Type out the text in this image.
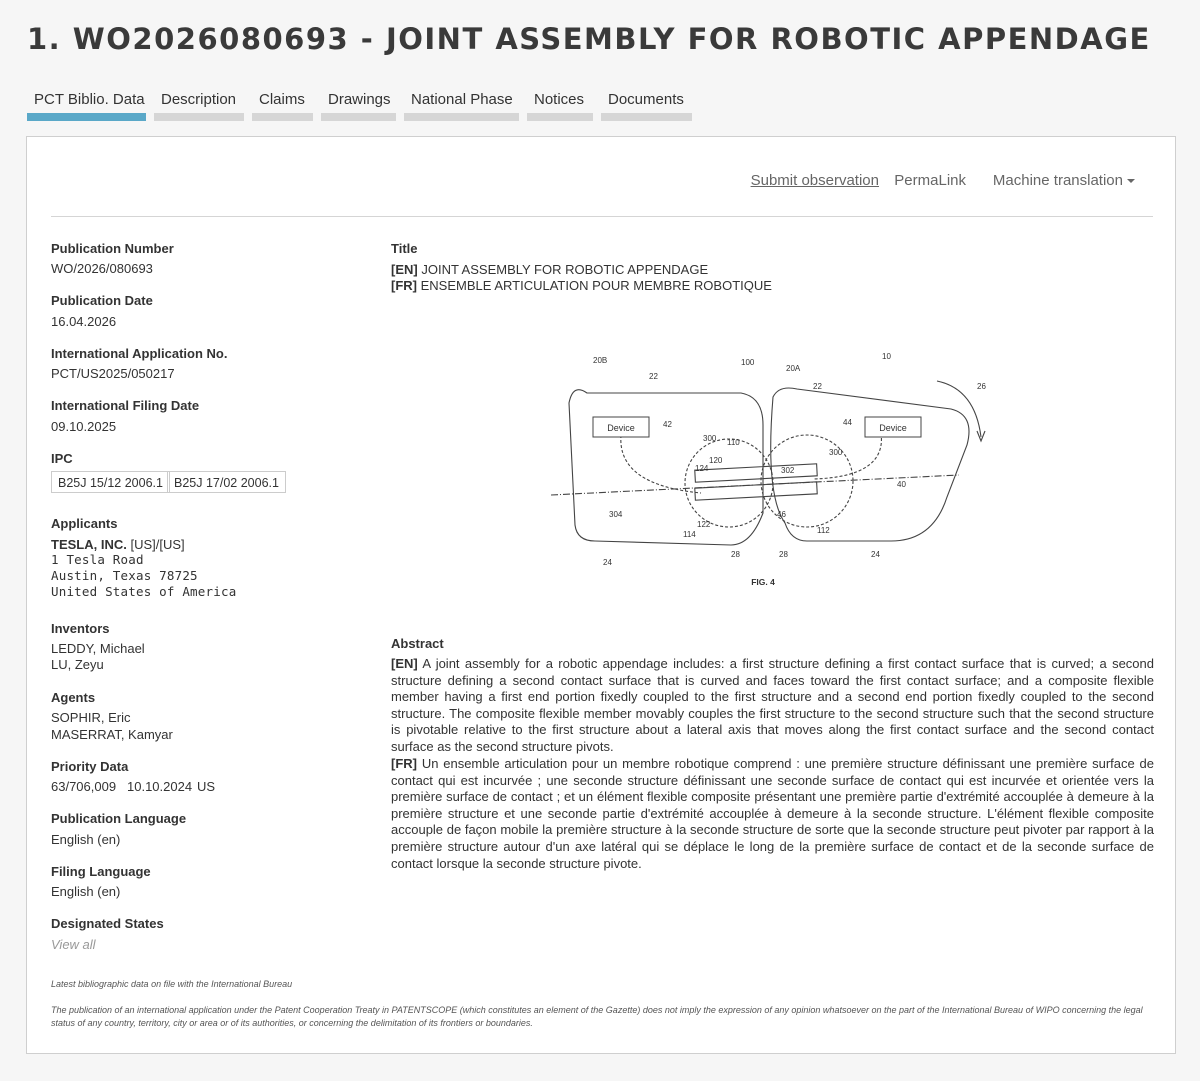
1. WO2026080693 - JOINT ASSEMBLY FOR ROBOTIC APPENDAGE
PCT Biblio. Data	Description	Claims	Drawings	National Phase	Notices	Documents
Submit observation PermaLink Machine translation
Publication Number
WO/2026/080693
Publication Date
16.04.2026
International Application No.
PCT/US2025/050217
International Filing Date
09.10.2025
IPC
B25J 15/12 2006.1 B25J 17/02 2006.1
Applicants
TESLA, INC. [US]/[US]
1 Tesla Road
Austin, Texas 78725
United States of America
Inventors
LEDDY, Michael
LU, Zeyu
Agents
SOPHIR, Eric
MASERRAT, Kamyar
Priority Data
63/706,009 10.10.2024 US
Publication Language
English (en)
Filing Language
English (en)
Designated States
View all
Title
[EN] JOINT ASSEMBLY FOR ROBOTIC APPENDAGE
[FR] ENSEMBLE ARTICULATION POUR MEMBRE ROBOTIQUE
Device	Device
20B
22
100
20A
10
22	26
42	44
300 110
300
120
124	302
40
304
122
114
46
112
24
28	28	24
FIG. 4
Abstract
[EN] A joint assembly for a robotic appendage includes: a first structure defining a first contact surface that is curved; a second structure defining a second contact surface that is curved and faces toward the first contact surface; and a composite flexible member having a first end portion fixedly coupled to the first structure and a second end portion fixedly coupled to the second structure. The composite flexible member movably couples the first structure to the second structure such that the second structure is pivotable relative to the first structure about a lateral axis that moves along the first contact surface and the second contact surface as the second structure pivots.
[FR] Un ensemble articulation pour un membre robotique comprend : une première structure définissant une première surface de contact qui est incurvée ; une seconde structure définissant une seconde surface de contact qui est incurvée et orientée vers la première surface de contact ; et un élément flexible composite présentant une première partie d'extrémité accouplée à demeure à la première structure et une seconde partie d'extrémité accouplée à demeure à la seconde structure. L'élément flexible composite accouple de façon mobile la première structure à la seconde structure de sorte que la seconde structure peut pivoter par rapport à la première structure autour d'un axe latéral qui se déplace le long de la première surface de contact et de la seconde surface de contact lorsque la seconde structure pivote.
Latest bibliographic data on file with the International Bureau
The publication of an international application under the Patent Cooperation Treaty in PATENTSCOPE (which constitutes an element of the Gazette) does not imply the expression of any opinion whatsoever on the part of the International Bureau of WIPO concerning the legal status of any country, territory, city or area or of its authorities, or concerning the delimitation of its frontiers or boundaries.
